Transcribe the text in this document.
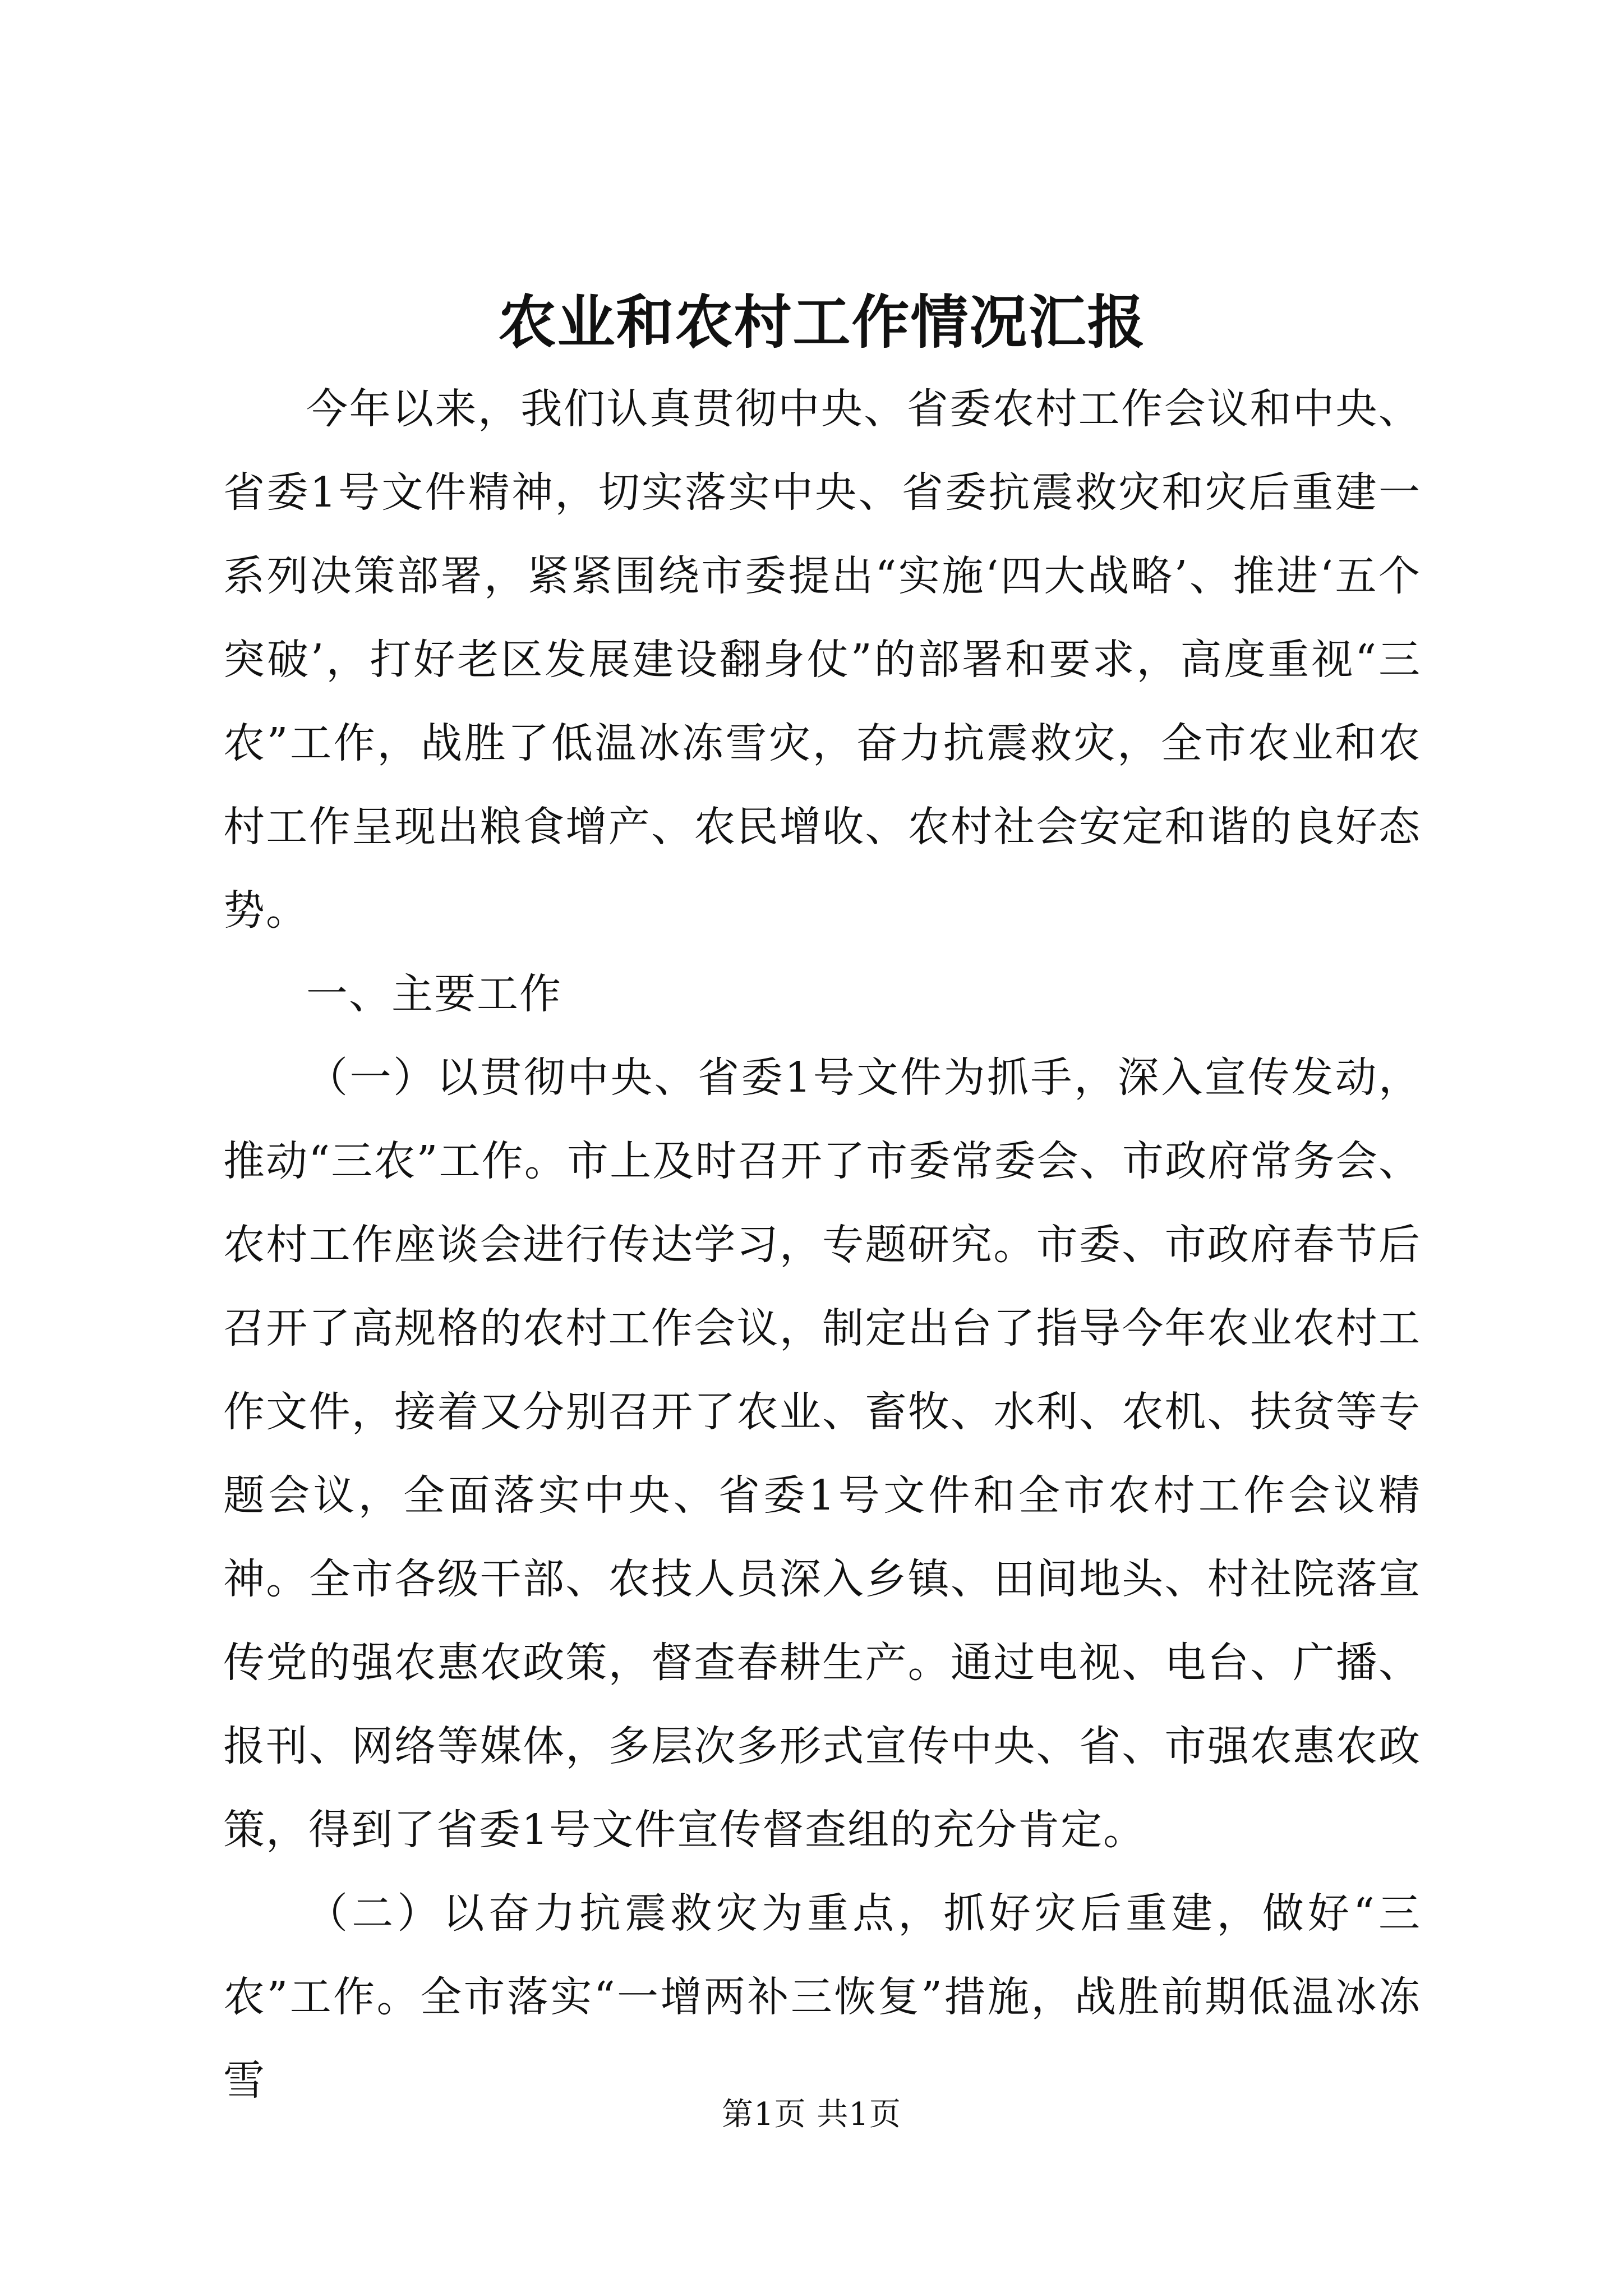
农业和农村工作情况汇报

今年以来，我们认真贯彻中央、省委农村工作会议和中央、省委1号文件精神，切实落实中央、省委抗震救灾和灾后重建一系列决策部署，紧紧围绕市委提出“实施‘四大战略’、推进‘五个突破’，打好老区发展建设翻身仗”的部署和要求，高度重视“三农”工作，战胜了低温冰冻雪灾，奋力抗震救灾，全市农业和农村工作呈现出粮食增产、农民增收、农村社会安定和谐的良好态势。

一、主要工作

（一）以贯彻中央、省委1号文件为抓手，深入宣传发动，推动“三农”工作。市上及时召开了市委常委会、市政府常务会、农村工作座谈会进行传达学习，专题研究。市委、市政府春节后召开了高规格的农村工作会议，制定出台了指导今年农业农村工作文件，接着又分别召开了农业、畜牧、水利、农机、扶贫等专题会议，全面落实中央、省委1号文件和全市农村工作会议精神。全市各级干部、农技人员深入乡镇、田间地头、村社院落宣传党的强农惠农政策，督查春耕生产。通过电视、电台、广播、报刊、网络等媒体，多层次多形式宣传中央、省、市强农惠农政策，得到了省委1号文件宣传督查组的充分肯定。

（二）以奋力抗震救灾为重点，抓好灾后重建，做好“三农”工作。全市落实“一增两补三恢复”措施，战胜前期低温冰冻雪

第1页 共1页
